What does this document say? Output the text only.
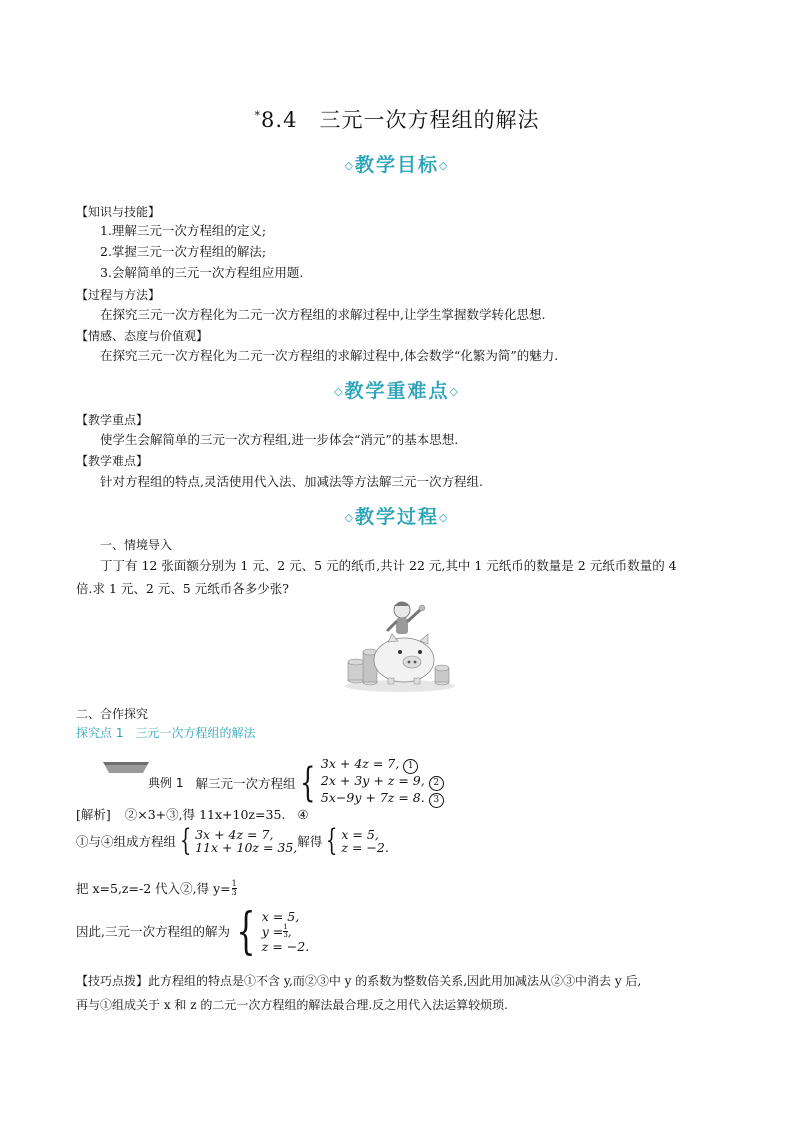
*8.4　三元一次方程组的解法
◇教学目标◇
【知识与技能】
1.理解三元一次方程组的定义;
2.掌握三元一次方程组的解法;
3.会解简单的三元一次方程组应用题.
【过程与方法】
在探究三元一次方程化为二元一次方程组的求解过程中,让学生掌握数学转化思想.
【情感、态度与价值观】
在探究三元一次方程化为二元一次方程组的求解过程中,体会数学“化繁为简”的魅力.
◇教学重难点◇
【教学重点】
使学生会解简单的三元一次方程组,进一步体会“消元”的基本思想.
【教学难点】
针对方程组的特点,灵活使用代入法、加减法等方法解三元一次方程组.
◇教学过程◇
一、情境导入
丁丁有 12 张面额分别为 1 元、2 元、5 元的纸币,共计 22 元,其中 1 元纸币的数量是 2 元纸币数量的 4
倍.求 1 元、2 元、5 元纸币各多少张?
二、合作探究
探究点 1　三元一次方程组的解法
典例 1 解三元一次方程组 { 3x + 4z = 7, 1
2x + 3y + z = 9, 2
5x−9y + 7z = 8. 3
[解析] ②×3+③,得 11x+10z=35. ④
①与④组成方程组 { 3x + 4z = 7,
11x + 10z = 35, 解得 { x = 5,
z = −2.
把 x=5,z=-2 代入②,得 $y= \frac{1}{3}$
因此,三元一次方程组的解为 { x = 5,
$y = \frac{1}{3}$ ,
z = −2.
【技巧点拨】此方程组的特点是①不含 y,而②③中 y 的系数为整数倍关系,因此用加减法从②③中消去 y 后,
再与①组成关于 x 和 z 的二元一次方程组的解法最合理.反之用代入法运算较烦琐.
